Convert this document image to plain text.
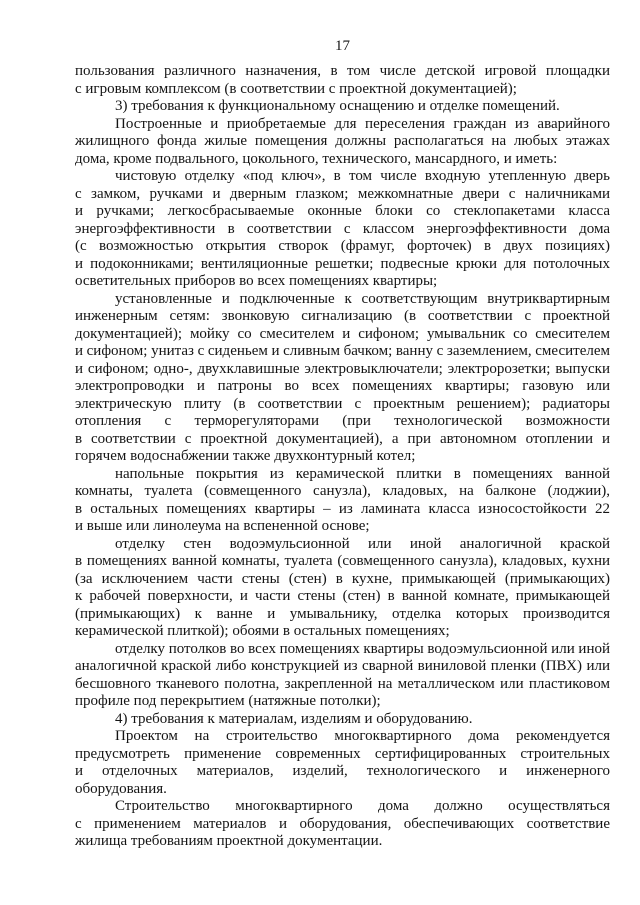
17
пользования различного назначения, в том числе детской игровой площадки
с игровым комплексом (в соответствии с проектной документацией);
3) требования к функциональному оснащению и отделке помещений.
Построенные и приобретаемые для переселения граждан из аварийного
жилищного фонда жилые помещения должны располагаться на любых этажах
дома, кроме подвального, цокольного, технического, мансардного, и иметь:
чистовую отделку «под ключ», в том числе входную утепленную дверь
с замком, ручками и дверным глазком; межкомнатные двери с наличниками
и ручками; легкосбрасываемые оконные блоки со стеклопакетами класса
энергоэффективности в соответствии с классом энергоэффективности дома
(с возможностью открытия створок (фрамуг, форточек) в двух позициях)
и подоконниками; вентиляционные решетки; подвесные крюки для потолочных
осветительных приборов во всех помещениях квартиры;
установленные и подключенные к соответствующим внутриквартирным
инженерным сетям: звонковую сигнализацию (в соответствии с проектной
документацией); мойку со смесителем и сифоном; умывальник со смесителем
и сифоном; унитаз с сиденьем и сливным бачком; ванну с заземлением, смесителем
и сифоном; одно-, двухклавишные электровыключатели; электророзетки; выпуски
электропроводки и патроны во всех помещениях квартиры; газовую или
электрическую плиту (в соответствии с проектным решением); радиаторы
отопления с терморегуляторами (при технологической возможности
в соответствии с проектной документацией), а при автономном отоплении и
горячем водоснабжении также двухконтурный котел;
напольные покрытия из керамической плитки в помещениях ванной
комнаты, туалета (совмещенного санузла), кладовых, на балконе (лоджии),
в остальных помещениях квартиры – из ламината класса износостойкости 22
и выше или линолеума на вспененной основе;
отделку стен водоэмульсионной или иной аналогичной краской
в помещениях ванной комнаты, туалета (совмещенного санузла), кладовых, кухни
(за исключением части стены (стен) в кухне, примыкающей (примыкающих)
к рабочей поверхности, и части стены (стен) в ванной комнате, примыкающей
(примыкающих) к ванне и умывальнику, отделка которых производится
керамической плиткой); обоями в остальных помещениях;
отделку потолков во всех помещениях квартиры водоэмульсионной или иной
аналогичной краской либо конструкцией из сварной виниловой пленки (ПВХ) или
бесшовного тканевого полотна, закрепленной на металлическом или пластиковом
профиле под перекрытием (натяжные потолки);
4) требования к материалам, изделиям и оборудованию.
Проектом на строительство многоквартирного дома рекомендуется
предусмотреть применение современных сертифицированных строительных
и отделочных материалов, изделий, технологического и инженерного
оборудования.
Строительство многоквартирного дома должно осуществляться
с применением материалов и оборудования, обеспечивающих соответствие
жилища требованиям проектной документации.
